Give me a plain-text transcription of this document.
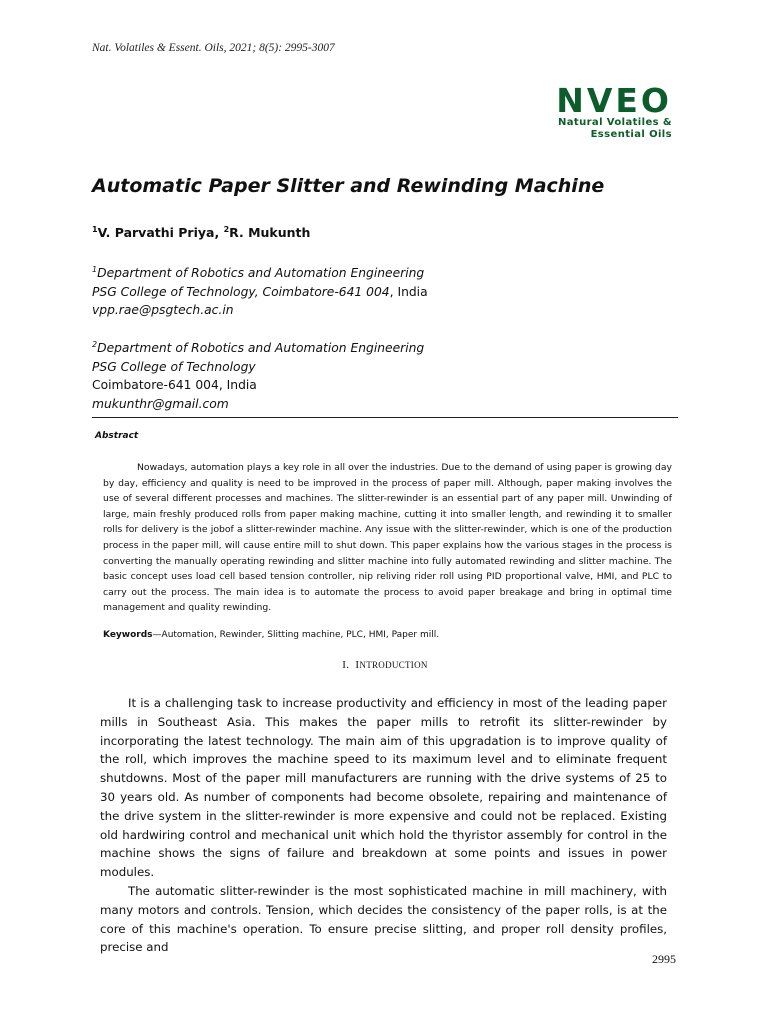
Nat. Volatiles & Essent. Oils, 2021; 8(5): 2995-3007
NVEO
Natural Volatiles &
Essential Oils
Automatic Paper Slitter and Rewinding Machine
$^1$V. Parvathi Priya, $^2$R. Mukunth
$^1$Department of Robotics and Automation Engineering
PSG College of Technology, Coimbatore-641 004, India
vpp.rae@psgtech.ac.in
$^2$Department of Robotics and Automation Engineering
PSG College of Technology
Coimbatore-641 004, India
mukunthr@gmail.com
Abstract

Nowadays, automation plays a key role in all over the industries. Due to the demand of using paper is growing day by day, efficiency and quality is need to be improved in the process of paper mill. Although, paper making involves the use of several different processes and machines. The slitter-rewinder is an essential part of any paper mill. Unwinding of large, main freshly produced rolls from paper making machine, cutting it into smaller length, and rewinding it to smaller rolls for delivery is the jobof a slitter-rewinder machine. Any issue with the slitter-rewinder, which is one of the production process in the paper mill, will cause entire mill to shut down. This paper explains how the various stages in the process is converting the manually operating rewinding and slitter machine into fully automated rewinding and slitter machine. The basic concept uses load cell based tension controller, nip reliving rider roll using PID proportional valve, HMI, and PLC to carry out the process. The main idea is to automate the process to avoid paper breakage and bring in optimal time management and quality rewinding.

Keywords—Automation, Rewinder, Slitting machine, PLC, HMI, Paper mill.
I. INTRODUCTION

It is a challenging task to increase productivity and efficiency in most of the leading paper mills in Southeast Asia. This makes the paper mills to retrofit its slitter-rewinder by incorporating the latest technology. The main aim of this upgradation is to improve quality of the roll, which improves the machine speed to its maximum level and to eliminate frequent shutdowns. Most of the paper mill manufacturers are running with the drive systems of 25 to 30 years old. As number of components had become obsolete, repairing and maintenance of the drive system in the slitter-rewinder is more expensive and could not be replaced. Existing old hardwiring control and mechanical unit which hold the thyristor assembly for control in the machine shows the signs of failure and breakdown at some points and issues in power modules.

The automatic slitter-rewinder is the most sophisticated machine in mill machinery, with many motors and controls. Tension, which decides the consistency of the paper rolls, is at the core of this machine's operation. To ensure precise slitting, and proper roll density profiles, precise and

2995
